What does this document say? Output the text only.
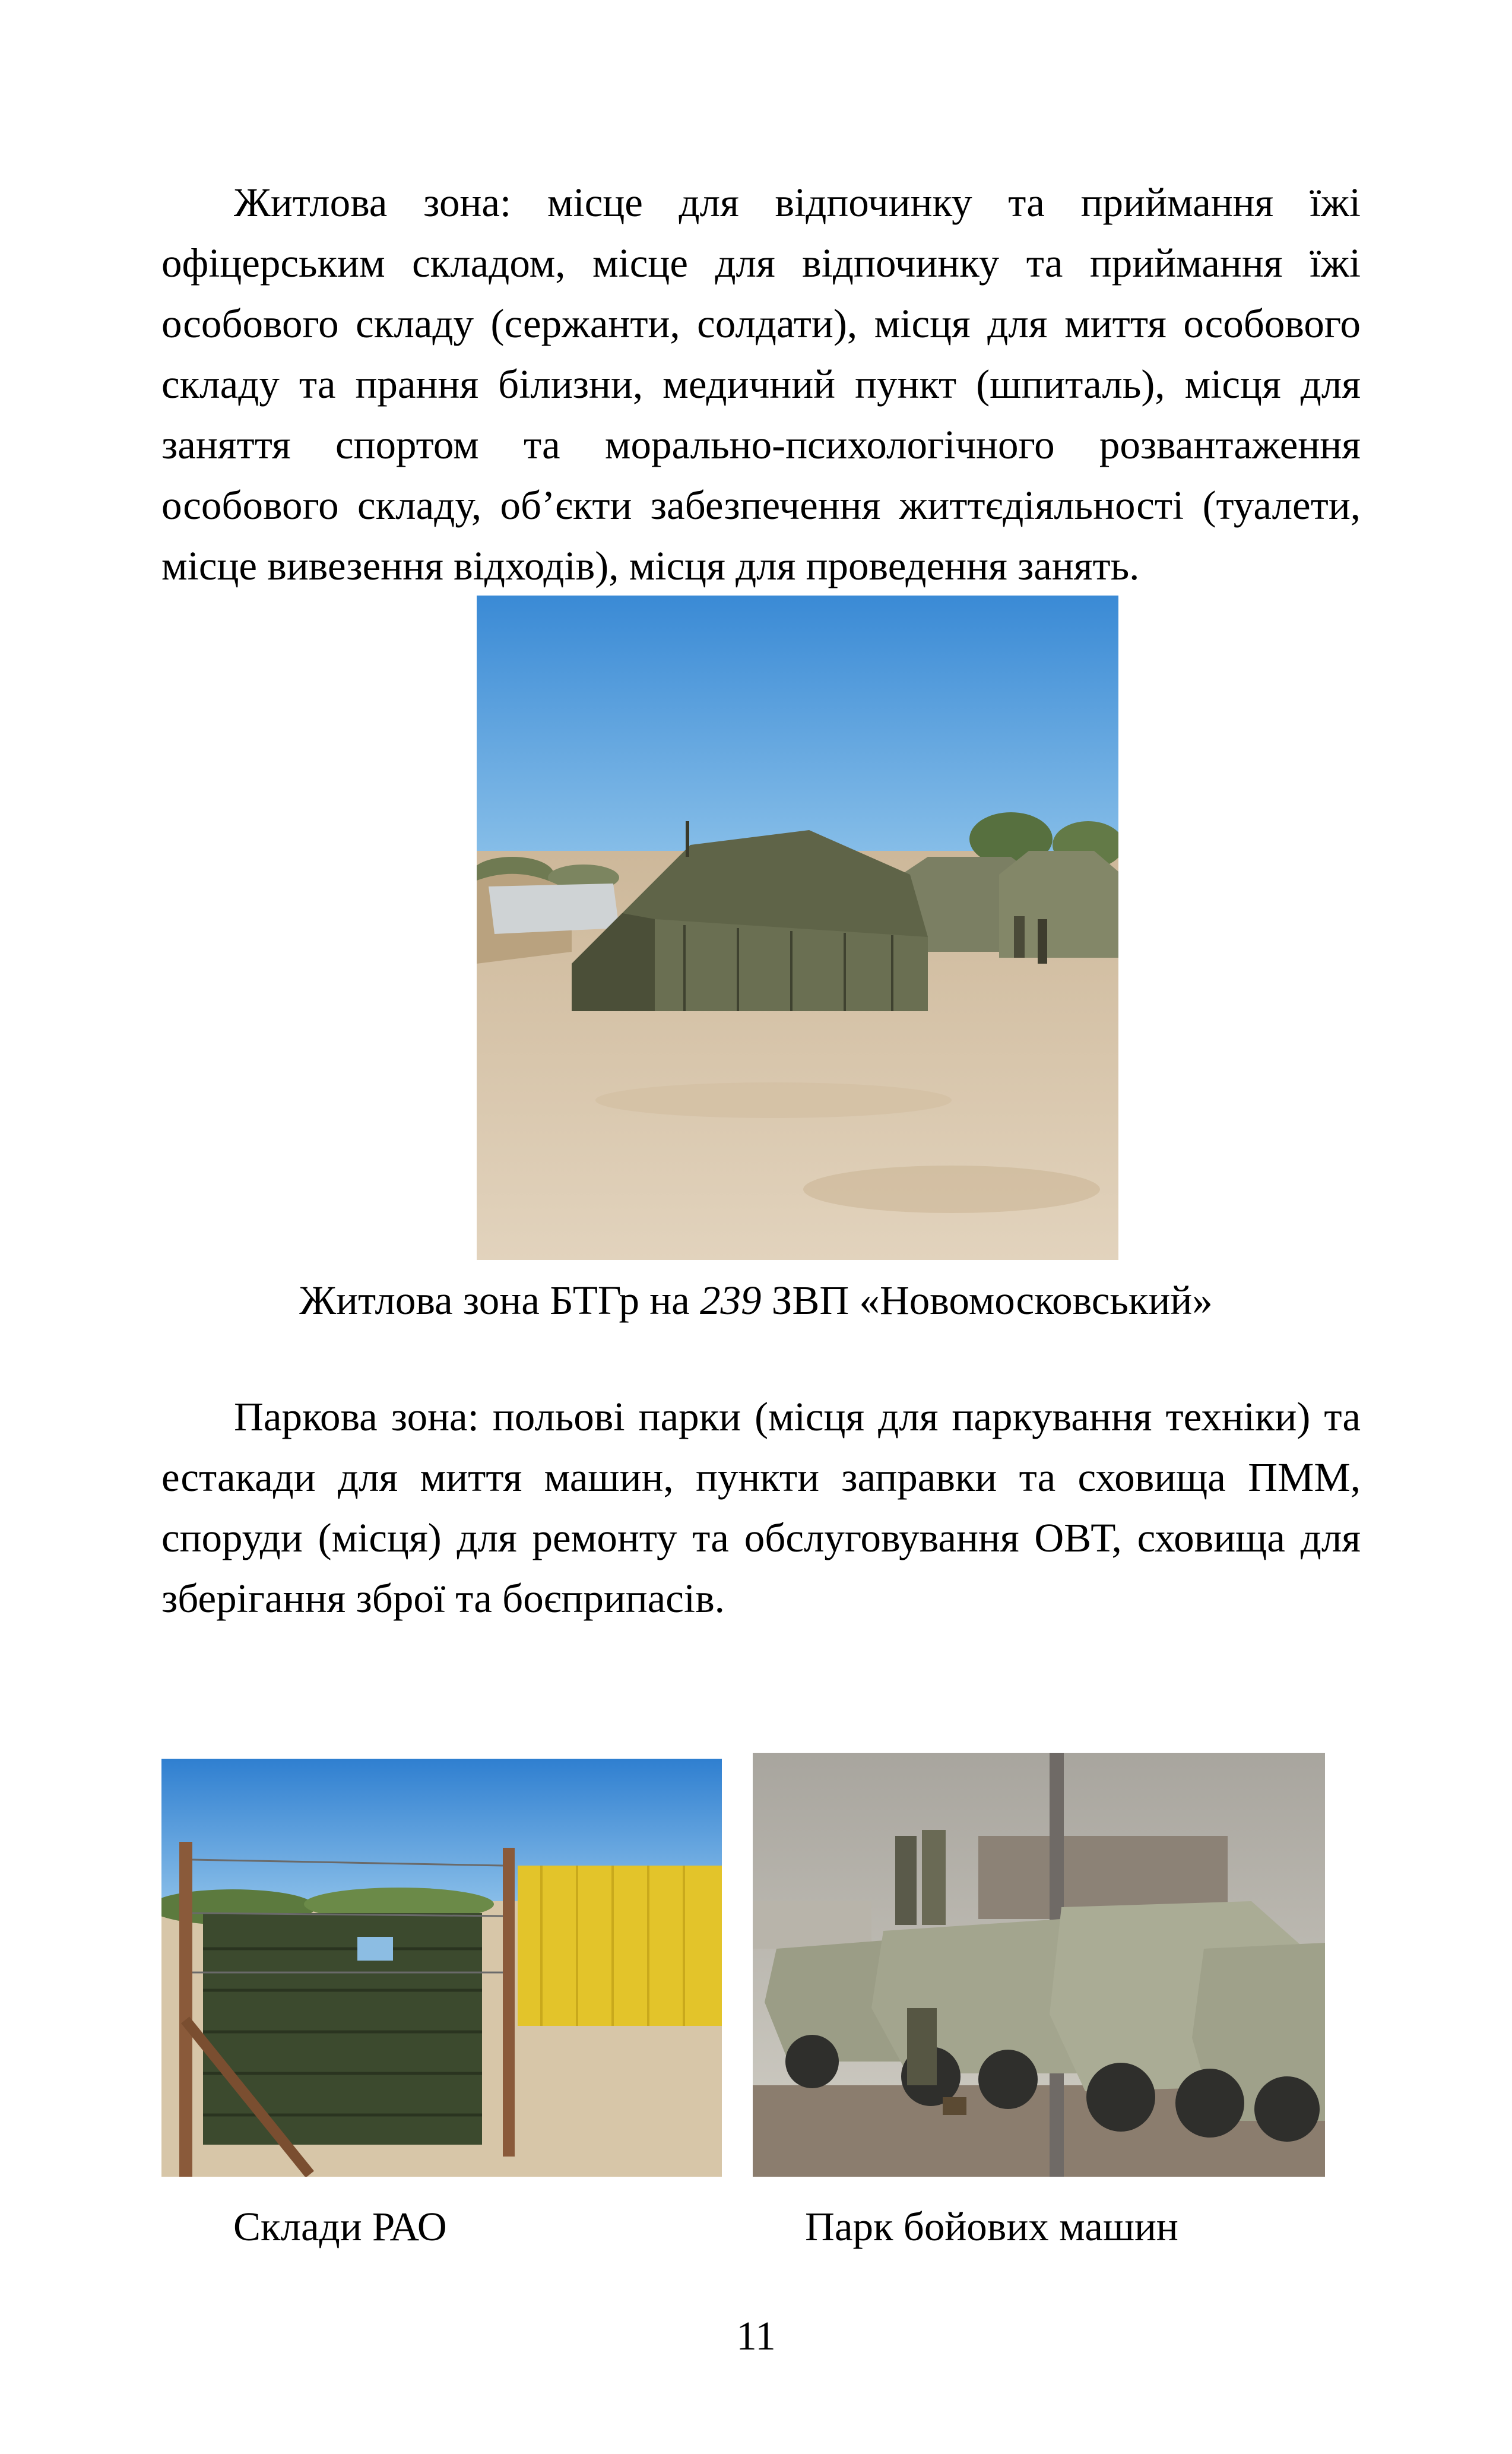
Житлова зона: місце для відпочинку та приймання їжі офіцерським складом, місце для відпочинку та приймання їжі особового складу (сержанти, солдати), місця для миття особового складу та прання білизни, медичний пункт (шпиталь), місця для заняття спортом та морально-психологічного розвантаження особового складу, об’єкти забезпечення життєдіяльності (туалети, місце вивезення відходів), місця для проведення занять.

Житлова зона БТГр на 239 ЗВП «Новомосковський»

Паркова зона: польові парки (місця для паркування техніки) та естакади для миття машин, пункти заправки та сховища ПММ, споруди (місця) для ремонту та обслуговування ОВТ, сховища для зберігання зброї та боєприпасів.

Склади РАО	Парк бойових машин
11
